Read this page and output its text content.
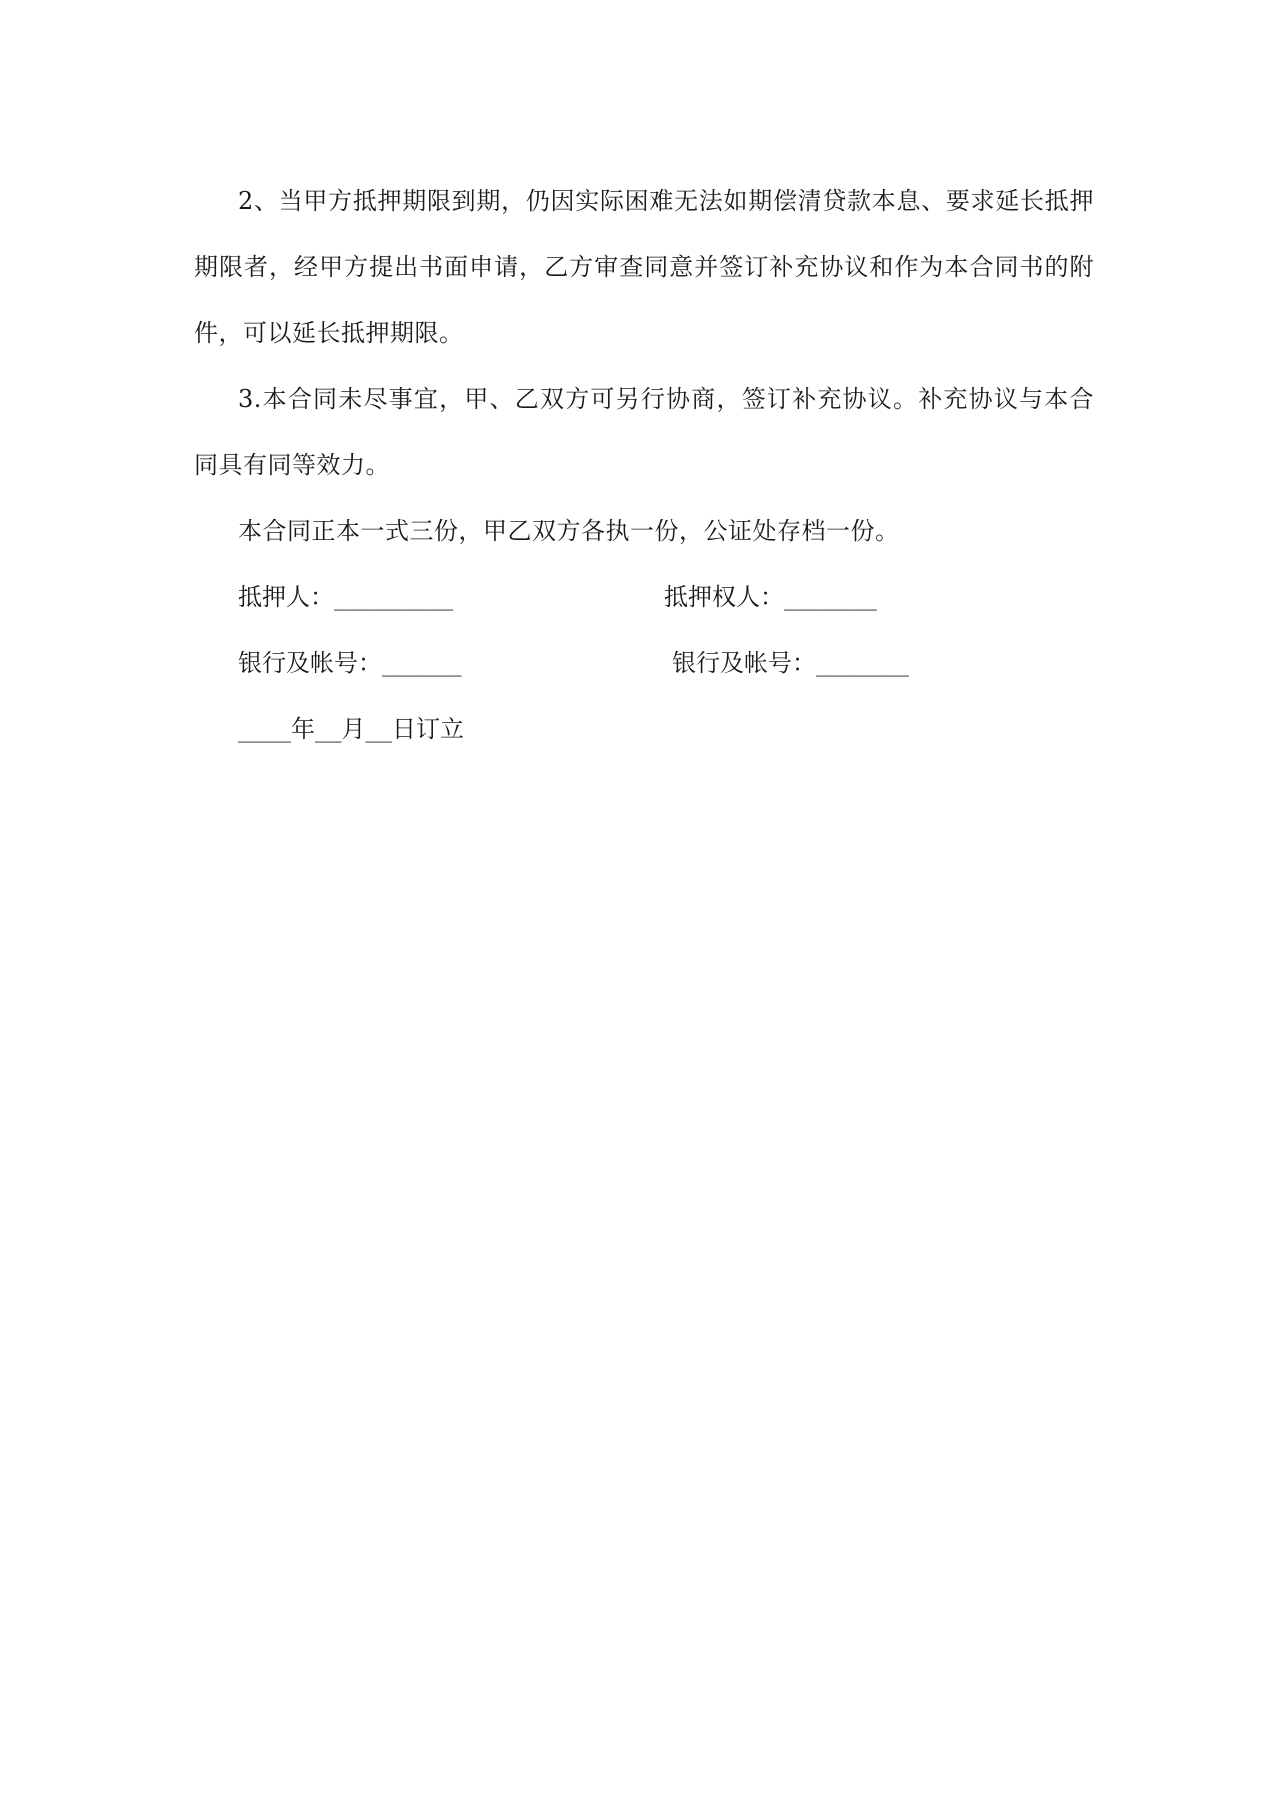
2、当甲方抵押期限到期，仍因实际困难无法如期偿清贷款本息、要求延长抵押期限者，经甲方提出书面申请，乙方审查同意并签订补充协议和作为本合同书的附件，可以延长抵押期限。

3.本合同未尽事宜，甲、乙双方可另行协商，签订补充协议。补充协议与本合同具有同等效力。

本合同正本一式三份，甲乙双方各执一份，公证处存档一份。

抵押人：_________	抵押权人：_______
银行及帐号：______	银行及帐号：_______
____年__月__日订立
